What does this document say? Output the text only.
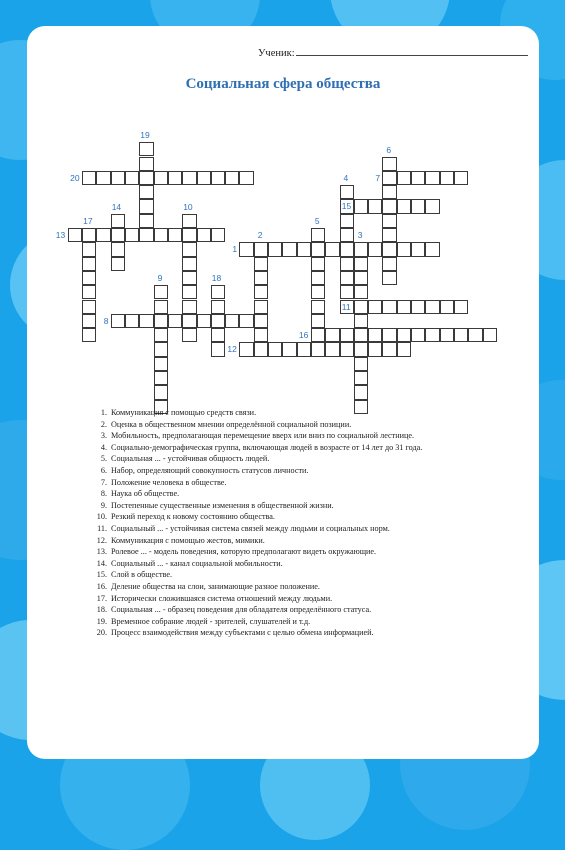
Ученик:
Социальная сфера общества
1
2	3
4
5
6
7
8
9
10
11
12
13
14	15
16
17
18
19
20
1. Коммуникация с помощью средств связи.
2. Оценка в общественном мнении определённой социальной позиции.
3. Мобильность, предполагающая перемещение вверх или вниз по социальной лестнице.
4. Социально-демографическая группа, включающая людей в возрасте от 14 лет до 31 года.
5. Социальная ... - устойчивая общность людей.
6. Набор, определяющий совокупность статусов личности.
7. Положение человека в обществе.
8. Наука об обществе.
9. Постепенные существенные изменения в общественной жизни.
10. Резкий переход к новому состоянию общества.
11. Социальный ... - устойчивая система связей между людьми и социальных норм.
12. Коммуникация с помощью жестов, мимики.
13. Ролевое ... - модель поведения, которую предполагают видеть окружающие.
14. Социальный ... - канал социальной мобильности.
15. Слой в обществе.
16. Деление общества на слои, занимающие разное положение.
17. Исторически сложившаяся система отношений между людьми.
18. Социальная ... - образец поведения для обладателя определённого статуса.
19. Временное собрание людей - зрителей, слушателей и т.д.
20. Процесс взаимодействия между субъектами с целью обмена информацией.
